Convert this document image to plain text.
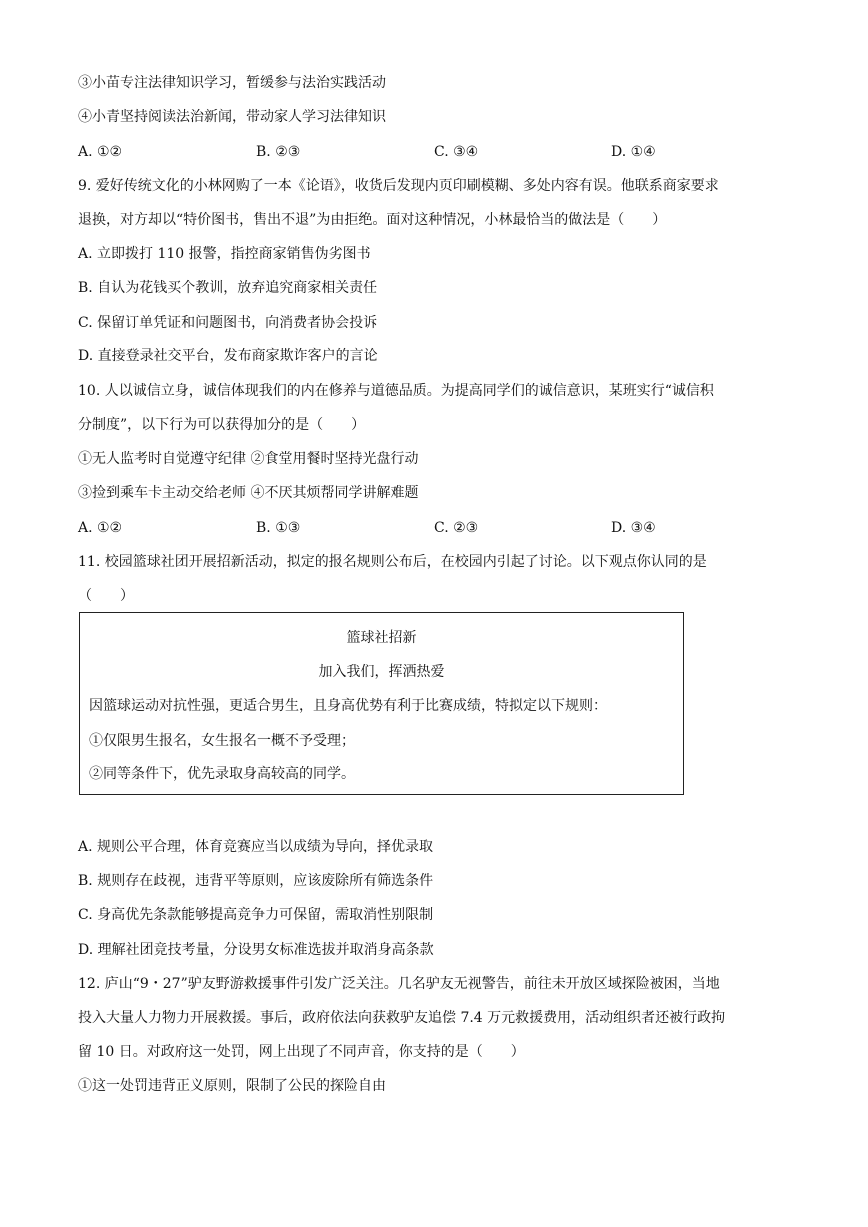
③小苗专注法律知识学习，暂缓参与法治实践活动
④小青坚持阅读法治新闻，带动家人学习法律知识
A. ①②	B. ②③	C. ③④	D. ①④
9. 爱好传统文化的小林网购了一本《论语》，收货后发现内页印刷模糊、多处内容有误。他联系商家要求
退换，对方却以“特价图书，售出不退”为由拒绝。面对这种情况，小林最恰当的做法是（　　）
A. 立即拨打 110 报警，指控商家销售伪劣图书
B. 自认为花钱买个教训，放弃追究商家相关责任
C. 保留订单凭证和问题图书，向消费者协会投诉
D. 直接登录社交平台，发布商家欺诈客户的言论
10. 人以诚信立身，诚信体现我们的内在修养与道德品质。为提高同学们的诚信意识，某班实行“诚信积
分制度”，以下行为可以获得加分的是（　　）
①无人监考时自觉遵守纪律 ②食堂用餐时坚持光盘行动
③捡到乘车卡主动交给老师 ④不厌其烦帮同学讲解难题
A. ①②	B. ①③	C. ②③	D. ③④
11. 校园篮球社团开展招新活动，拟定的报名规则公布后，在校园内引起了讨论。以下观点你认同的是
（　　）
篮球社招新
加入我们，挥洒热爱
因篮球运动对抗性强，更适合男生，且身高优势有利于比赛成绩，特拟定以下规则：
①仅限男生报名，女生报名一概不予受理；
②同等条件下，优先录取身高较高的同学。
A. 规则公平合理，体育竞赛应当以成绩为导向，择优录取
B. 规则存在歧视，违背平等原则，应该废除所有筛选条件
C. 身高优先条款能够提高竞争力可保留，需取消性别限制
D. 理解社团竞技考量，分设男女标准选拔并取消身高条款
12. 庐山“9・27”驴友野游救援事件引发广泛关注。几名驴友无视警告，前往未开放区域探险被困，当地
投入大量人力物力开展救援。事后，政府依法向获救驴友追偿 7.4 万元救援费用，活动组织者还被行政拘
留 10 日。对政府这一处罚，网上出现了不同声音，你支持的是（　　）
①这一处罚违背正义原则，限制了公民的探险自由
